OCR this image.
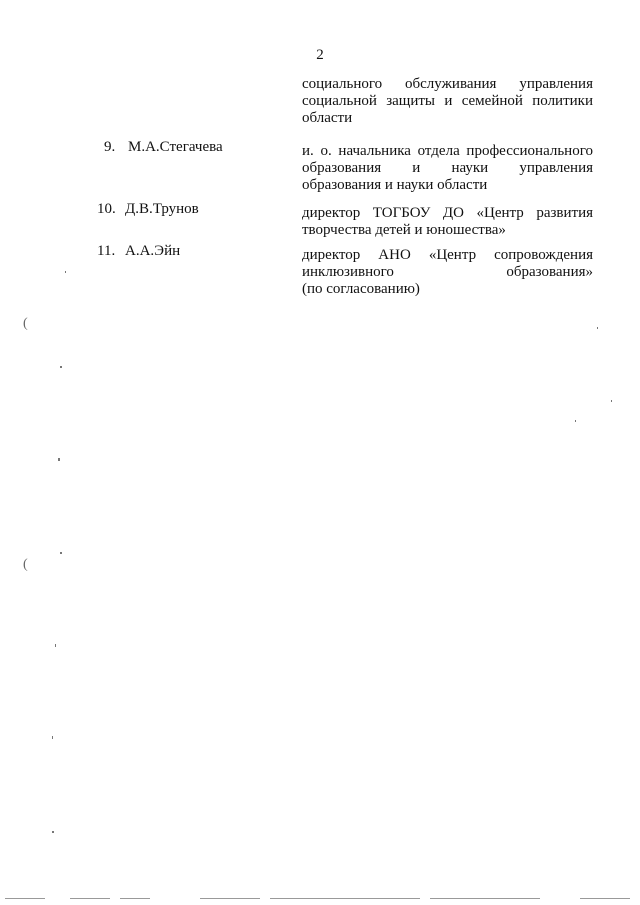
2
социального обслуживания управления
социальной защиты и семейной политики
области
9. М.А.Стегачева	и. о. начальника отдела профессионального
образования и науки управления
образования и науки области
10. Д.В.Трунов	директор ТОГБОУ ДО «Центр развития
творчества детей и юношества»
11. А.А.Эйн	директор АНО «Центр сопровождения
инклюзивного образования»
(по согласованию)
(
(
